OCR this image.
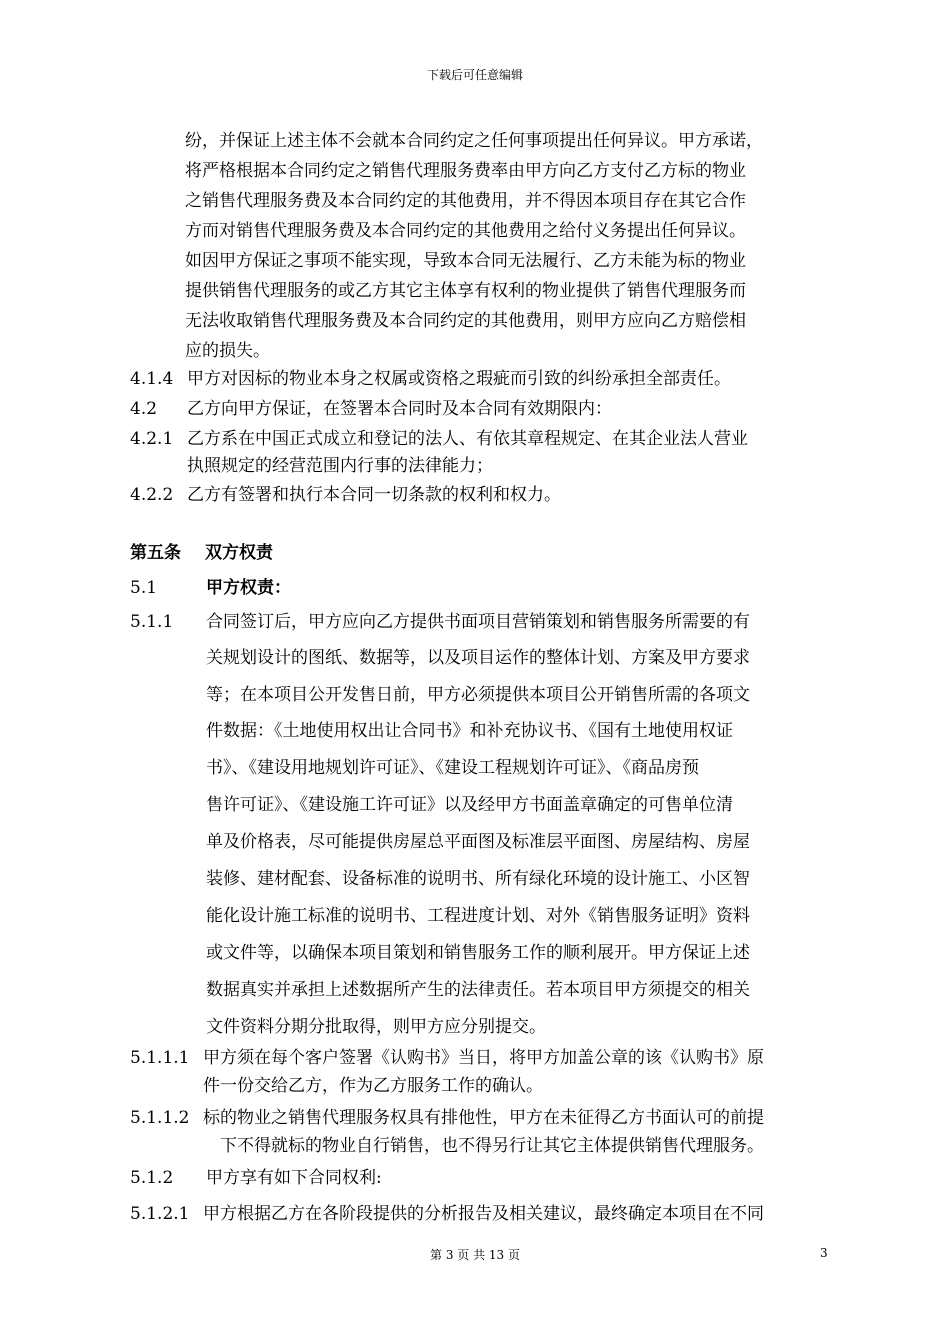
下载后可任意编辑
纷，并保证上述主体不会就本合同约定之任何事项提出任何异议。甲方承诺，
将严格根据本合同约定之销售代理服务费率由甲方向乙方支付乙方标的物业
之销售代理服务费及本合同约定的其他费用，并不得因本项目存在其它合作
方而对销售代理服务费及本合同约定的其他费用之给付义务提出任何异议。
如因甲方保证之事项不能实现，导致本合同无法履行、乙方未能为标的物业
提供销售代理服务的或乙方其它主体享有权利的物业提供了销售代理服务而
无法收取销售代理服务费及本合同约定的其他费用，则甲方应向乙方赔偿相
应的损失。
4.1.4 甲方对因标的物业本身之权属或资格之瑕疵而引致的纠纷承担全部责任。
4.2 乙方向甲方保证，在签署本合同时及本合同有效期限内：
4.2.1 乙方系在中国正式成立和登记的法人、有依其章程规定、在其企业法人营业
执照规定的经营范围内行事的法律能力；
4.2.2 乙方有签署和执行本合同一切条款的权利和权力。
第五条 双方权责
5.1	甲方权责：
5.1.1 合同签订后，甲方应向乙方提供书面项目营销策划和销售服务所需要的有
关规划设计的图纸、数据等，以及项目运作的整体计划、方案及甲方要求
等；在本项目公开发售日前，甲方必须提供本项目公开销售所需的各项文
件数据：《土地使用权出让合同书》和补充协议书、《国有土地使用权证
书》、《建设用地规划许可证》、《建设工程规划许可证》、《商品房预
售许可证》、《建设施工许可证》以及经甲方书面盖章确定的可售单位清
单及价格表，尽可能提供房屋总平面图及标准层平面图、房屋结构、房屋
装修、建材配套、设备标准的说明书、所有绿化环境的设计施工、小区智
能化设计施工标准的说明书、工程进度计划、对外《销售服务证明》资料
或文件等，以确保本项目策划和销售服务工作的顺利展开。甲方保证上述
数据真实并承担上述数据所产生的法律责任。若本项目甲方须提交的相关
文件资料分期分批取得，则甲方应分别提交。
5.1.1.1 甲方须在每个客户签署《认购书》当日，将甲方加盖公章的该《认购书》原
件一份交给乙方，作为乙方服务工作的确认。
5.1.1.2 标的物业之销售代理服务权具有排他性，甲方在未征得乙方书面认可的前提
下不得就标的物业自行销售，也不得另行让其它主体提供销售代理服务。
5.1.2 甲方享有如下合同权利:
5.1.2.1 甲方根据乙方在各阶段提供的分析报告及相关建议，最终确定本项目在不同
第 3 页 共 13 页	3
